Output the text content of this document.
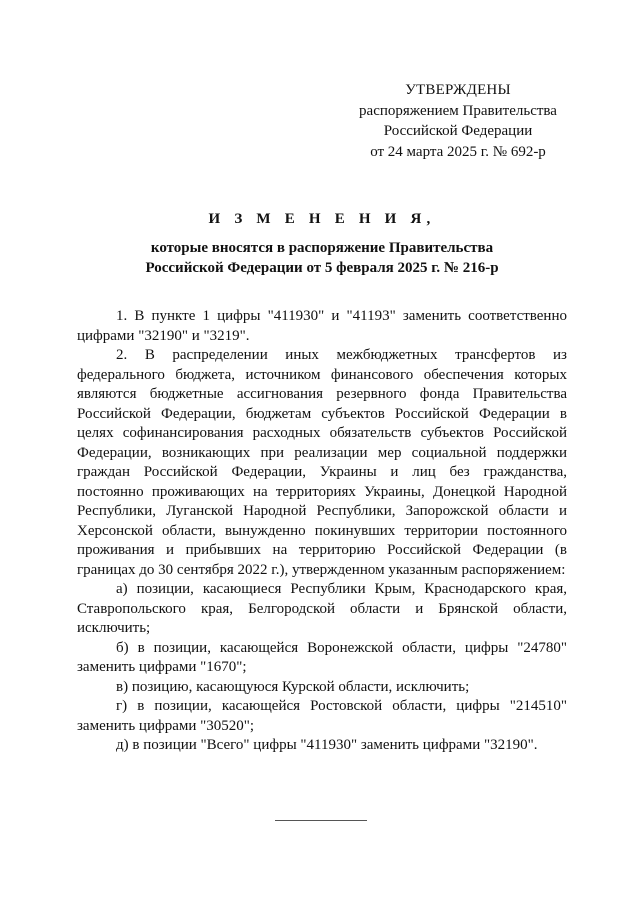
УТВЕРЖДЕНЫ
распоряжением Правительства
Российской Федерации
от 24 марта 2025 г. № 692-р
И З М Е Н Е Н И Я,
которые вносятся в распоряжение Правительства
Российской Федерации от 5 февраля 2025 г. № 216-р

1. В пункте 1 цифры "411930" и "41193" заменить соответственно цифрами "32190" и "3219".

2. В распределении иных межбюджетных трансфертов из федерального бюджета, источником финансового обеспечения которых являются бюджетные ассигнования резервного фонда Правительства Российской Федерации, бюджетам субъектов Российской Федерации в целях софинансирования расходных обязательств субъектов Российской Федерации, возникающих при реализации мер социальной поддержки граждан Российской Федерации, Украины и лиц без гражданства, постоянно проживающих на территориях Украины, Донецкой Народной Республики, Луганской Народной Республики, Запорожской области и Херсонской области, вынужденно покинувших территории постоянного проживания и прибывших на территорию Российской Федерации (в границах до 30 сентября 2022 г.), утвержденном указанным распоряжением:

а) позиции, касающиеся Республики Крым, Краснодарского края, Ставропольского края, Белгородской области и Брянской области, исключить;

б) в позиции, касающейся Воронежской области, цифры "24780" заменить цифрами "1670";

в) позицию, касающуюся Курской области, исключить;

г) в позиции, касающейся Ростовской области, цифры "214510" заменить цифрами "30520";

д) в позиции "Всего" цифры "411930" заменить цифрами "32190".
